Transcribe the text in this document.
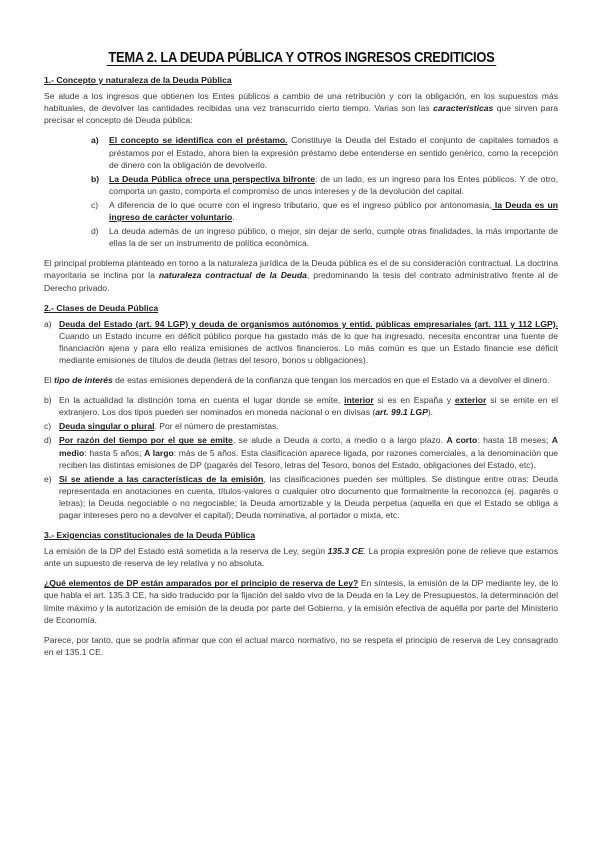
TEMA 2. LA DEUDA PÚBLICA Y OTROS INGRESOS CREDITICIOS
1.- Concepto y naturaleza de la Deuda Pública

Se alude a los ingresos que obtienen los Entes públicos a cambio de una retribución y con la obligación, en los supuestos más habituales, de devolver las cantidades recibidas una vez transcurrido cierto tiempo. Varias son las características que sirven para precisar el concepto de Deuda pública:

a) El concepto se identifica con el préstamo. Constituye la Deuda del Estado el conjunto de capitales tomados a préstamos por el Estado, ahora bien la expresión préstamo debe entenderse en sentido genérico, como la recepción de dinero con la obligación de devolverlo.
b) La Deuda Pública ofrece una perspectiva bifronte: de un lado, es un ingreso para los Entes públicos. Y de otro, comporta un gasto, comporta el compromiso de unos intereses y de la devolución del capital.
c) A diferencia de lo que ocurre con el ingreso tributario, que es el ingreso público por antonomasia, la Deuda es un ingreso de carácter voluntario.
d) La deuda además de un ingreso público, o mejor, sin dejar de serlo, cumple otras finalidades, la más importante de ellas la de ser un instrumento de política económica.

El principal problema planteado en torno a la naturaleza jurídica de la Deuda pública es el de su consideración contractual. La doctrina mayoritaria se inclina por la naturaleza contractual de la Deuda, predominando la tesis del contrato administrativo frente al de Derecho privado.

2.- Clases de Deuda Pública
a) Deuda del Estado (art. 94 LGP) y deuda de organismos autónomos y entid. públicas empresariales (art. 111 y 112 LGP). Cuando un Estado incurre en déficit público porque ha gastado más de lo que ha ingresado, necesita encontrar una fuente de financiación ajena y para ello realiza emisiones de activos financieros. Lo más común es que un Estado financie ese déficit mediante emisiones de títulos de deuda (letras del tesoro, bonos u obligaciones).

El tipo de interés de estas emisiones dependerá de la confianza que tengan los mercados en que el Estado va a devolver el dinero.

b) En la actualidad la distinción toma en cuenta el lugar donde se emite, interior si es en España y exterior si se emite en el extranjero. Los dos tipos pueden ser nominados en moneda nacional o en divisas (art. 99.1 LGP).
c) Deuda singular o plural. Por el número de prestamistas.
d) Por razón del tiempo por el que se emite, se alude a Deuda a corto, a medio o a largo plazo. A corto: hasta 18 meses; A medio: hasta 5 años; A largo: más de 5 años. Esta clasificación aparece ligada, por razones comerciales, a la denominación que reciben las distintas emisiones de DP (pagarés del Tesoro, letras del Tesoro, bonos del Estado, obligaciones del Estado, etc).
e) Si se atiende a las características de la emisión, las clasificaciones pueden ser múltiples. Se distingue entre otras: Deuda representada en anotaciones en cuenta, títulos-valores o cualquier otro documento que formalmente la reconozca (ej. pagarés o letras); la Deuda negociable o no negociable; la Deuda amortizable y la Deuda perpetua (aquella en que el Estado se obliga a pagar intereses pero no a devolver el capital); Deuda nominativa, al portador o mixta, etc.
3.- Exigencias constitucionales de la Deuda Pública

La emisión de la DP del Estado está sometida a la reserva de Ley, según 135.3 CE. La propia expresión pone de relieve que estamos ante un supuesto de reserva de ley relativa y no absoluta.

¿Qué elementos de DP están amparados por el principio de reserva de Ley? En síntesis, la emisión de la DP mediante ley, de lo que habla el art. 135.3 CE, ha sido traducido por la fijación del saldo vivo de la Deuda en la Ley de Presupuestos, la determinación del límite máximo y la autorización de emisión de la deuda por parte del Gobierno, y la emisión efectiva de aquélla por parte del Ministerio de Economía.

Parece, por tanto, que se podría afirmar que con el actual marco normativo, no se respeta el principio de reserva de Ley consagrado en el 135.1 CE.
